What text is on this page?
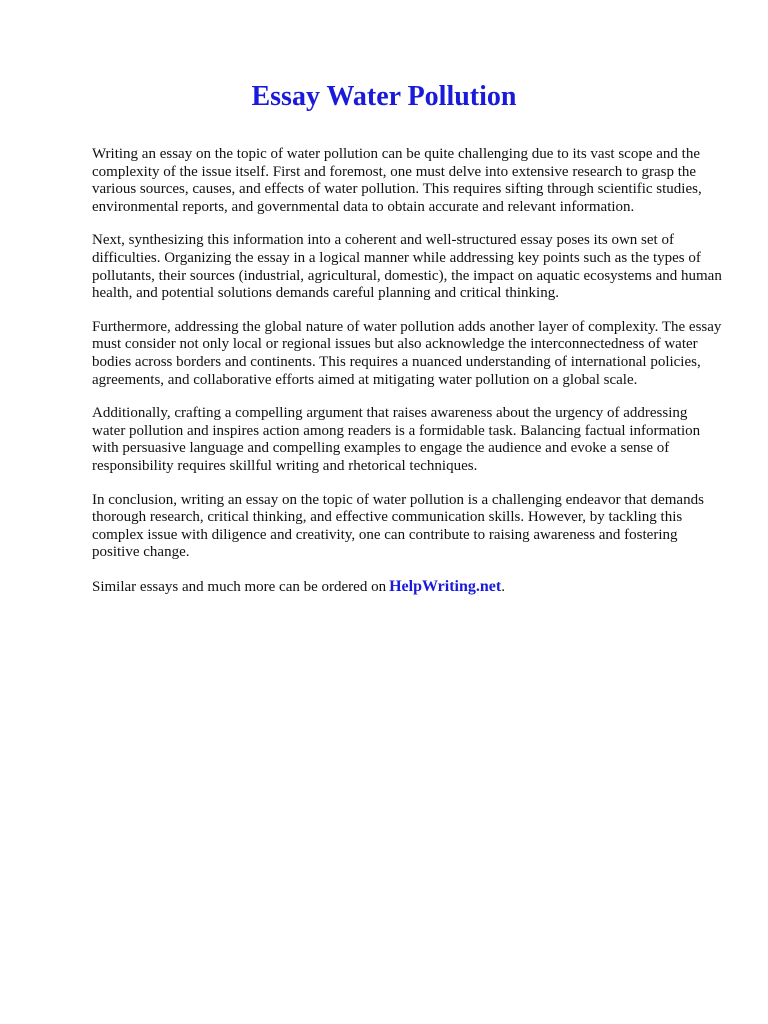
Essay Water Pollution

Writing an essay on the topic of water pollution can be quite challenging due to its vast scope and the complexity of the issue itself. First and foremost, one must delve into extensive research to grasp the various sources, causes, and effects of water pollution. This requires sifting through scientific studies, environmental reports, and governmental data to obtain accurate and relevant information.

Next, synthesizing this information into a coherent and well-structured essay poses its own set of difficulties. Organizing the essay in a logical manner while addressing key points such as the types of pollutants, their sources (industrial, agricultural, domestic), the impact on aquatic ecosystems and human health, and potential solutions demands careful planning and critical thinking.

Furthermore, addressing the global nature of water pollution adds another layer of complexity. The essay must consider not only local or regional issues but also acknowledge the interconnectedness of water bodies across borders and continents. This requires a nuanced understanding of international policies, agreements, and collaborative efforts aimed at mitigating water pollution on a global scale.

Additionally, crafting a compelling argument that raises awareness about the urgency of addressing water pollution and inspires action among readers is a formidable task. Balancing factual information with persuasive language and compelling examples to engage the audience and evoke a sense of responsibility requires skillful writing and rhetorical techniques.

In conclusion, writing an essay on the topic of water pollution is a challenging endeavor that demands thorough research, critical thinking, and effective communication skills. However, by tackling this complex issue with diligence and creativity, one can contribute to raising awareness and fostering positive change.

Similar essays and much more can be ordered on HelpWriting.net.
